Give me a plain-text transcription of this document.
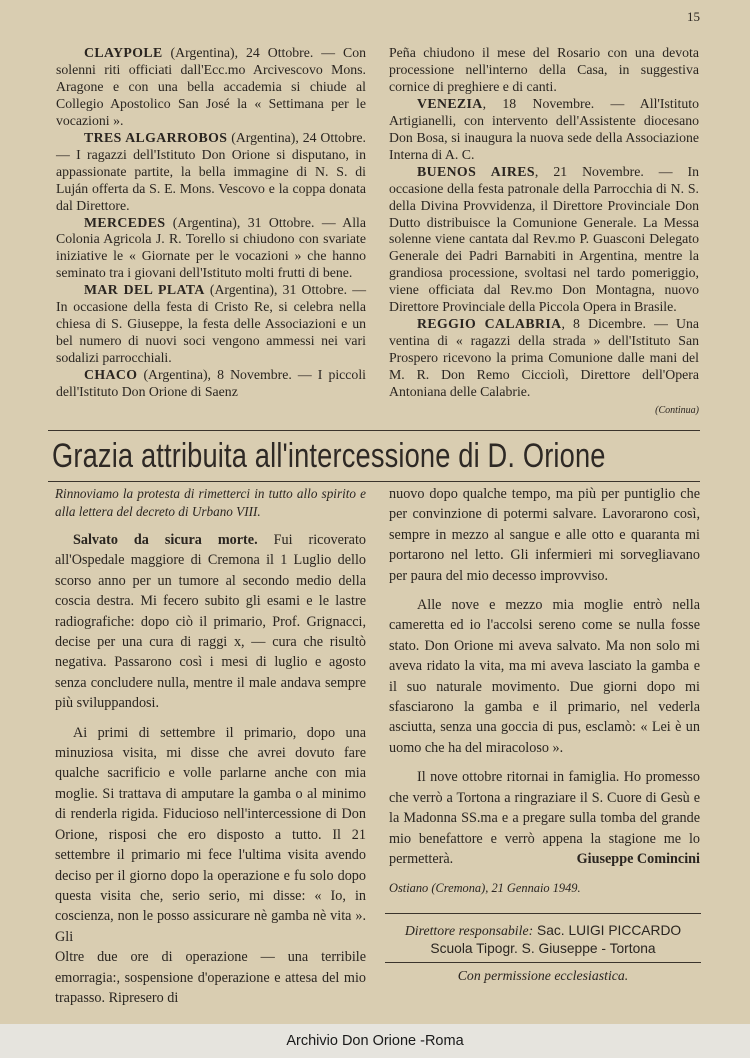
15

CLAYPOLE (Argentina), 24 Ottobre. — Con solenni riti officiati dall'Ecc.mo Arcivescovo Mons. Aragone e con una bella accademia si chiude al Collegio Apostolico San José la « Settimana per le vocazioni ».

TRES ALGARROBOS (Argentina), 24 Ottobre. — I ragazzi dell'Istituto Don Orione si disputano, in appassionate partite, la bella immagine di N. S. di Luján offerta da S. E. Mons. Vescovo e la coppa donata dal Direttore.

MERCEDES (Argentina), 31 Ottobre. — Alla Colonia Agricola J. R. Torello si chiudono con svariate iniziative le « Giornate per le vocazioni » che hanno seminato tra i giovani dell'Istituto molti frutti di bene.

MAR DEL PLATA (Argentina), 31 Ottobre. — In occasione della festa di Cristo Re, si celebra nella chiesa di S. Giuseppe, la festa delle Associazioni e un bel numero di nuovi soci vengono ammessi nei vari sodalizi parrocchiali.

CHACO (Argentina), 8 Novembre. — I piccoli dell'Istituto Don Orione di Saenz

Peña chiudono il mese del Rosario con una devota processione nell'interno della Casa, in suggestiva cornice di preghiere e di canti.

VENEZIA, 18 Novembre. — All'Istituto Artigianelli, con intervento dell'Assistente diocesano Don Bosa, si inaugura la nuova sede della Associazione Interna di A. C.

BUENOS AIRES, 21 Novembre. — In occasione della festa patronale della Parrocchia di N. S. della Divina Provvidenza, il Direttore Provinciale Don Dutto distribuisce la Comunione Generale. La Messa solenne viene cantata dal Rev.mo P. Guasconi Delegato Generale dei Padri Barnabiti in Argentina, mentre la grandiosa processione, svoltasi nel tardo pomeriggio, viene officiata dal Rev.mo Don Montagna, nuovo Direttore Provinciale della Piccola Opera in Brasile.

REGGIO CALABRIA, 8 Dicembre. — Una ventina di « ragazzi della strada » dell'Istituto San Prospero ricevono la prima Comunione dalle mani del M. R. Don Remo Cicciolì, Direttore dell'Opera Antoniana delle Calabrie.

(Continua)

Grazia attribuita all'intercessione di D. Orione

Rinnoviamo la protesta di rimetterci in tutto allo spirito e alla lettera del decreto di Urbano VIII.

Salvato da sicura morte. Fui ricoverato all'Ospedale maggiore di Cremona il 1 Luglio dello scorso anno per un tumore al secondo medio della coscia destra. Mi fecero subito gli esami e le lastre radiografiche: dopo ciò il primario, Prof. Grignacci, decise per una cura di raggi x, — cura che risultò negativa. Passarono così i mesi di luglio e agosto senza concludere nulla, mentre il male andava sempre più sviluppandosi.

Ai primi di settembre il primario, dopo una minuziosa visita, mi disse che avrei dovuto fare qualche sacrificio e volle parlarne anche con mia moglie. Si trattava di amputare la gamba o al minimo di renderla rigida. Fiducioso nell'intercessione di Don Orione, risposi che ero disposto a tutto. Il 21 settembre il primario mi fece l'ultima visita avendo deciso per il giorno dopo la operazione e fu solo dopo questa visita che, serio serio, mi disse: « Io, in coscienza, non le posso assicurare nè gamba nè vita ». Gli

Oltre due ore di operazione — una terribile emorragia:, sospensione d'operazione e attesa del mio trapasso. Ripresero di

nuovo dopo qualche tempo, ma più per puntiglio che per convinzione di potermi salvare. Lavorarono così, sempre in mezzo al sangue e alle otto e quaranta mi portarono nel letto. Gli infermieri mi sorvegliavano per paura del mio decesso improvviso.

Alle nove e mezzo mia moglie entrò nella cameretta ed io l'accolsi sereno come se nulla fosse stato. Don Orione mi aveva salvato. Ma non solo mi aveva ridato la vita, ma mi aveva lasciato la gamba e il suo naturale movimento. Due giorni dopo mi sfasciarono la gamba e il primario, nel vederla asciutta, senza una goccia di pus, esclamò: « Lei è un uomo che ha del miracoloso ».

Il nove ottobre ritornai in famiglia. Ho promesso che verrò a Tortona a ringraziare il S. Cuore di Gesù e la Madonna SS.ma e a pregare sulla tomba del grande mio benefattore e verrò appena la stagione me lo permetterà.	Giuseppe Comincini

Ostiano (Cremona), 21 Gennaio 1949.

Direttore responsabile: Sac. LUIGI PICCARDO
Scuola Tipogr. S. Giuseppe - Tortona
Con permissione ecclesiastica.
Archivio Don Orione -Roma
